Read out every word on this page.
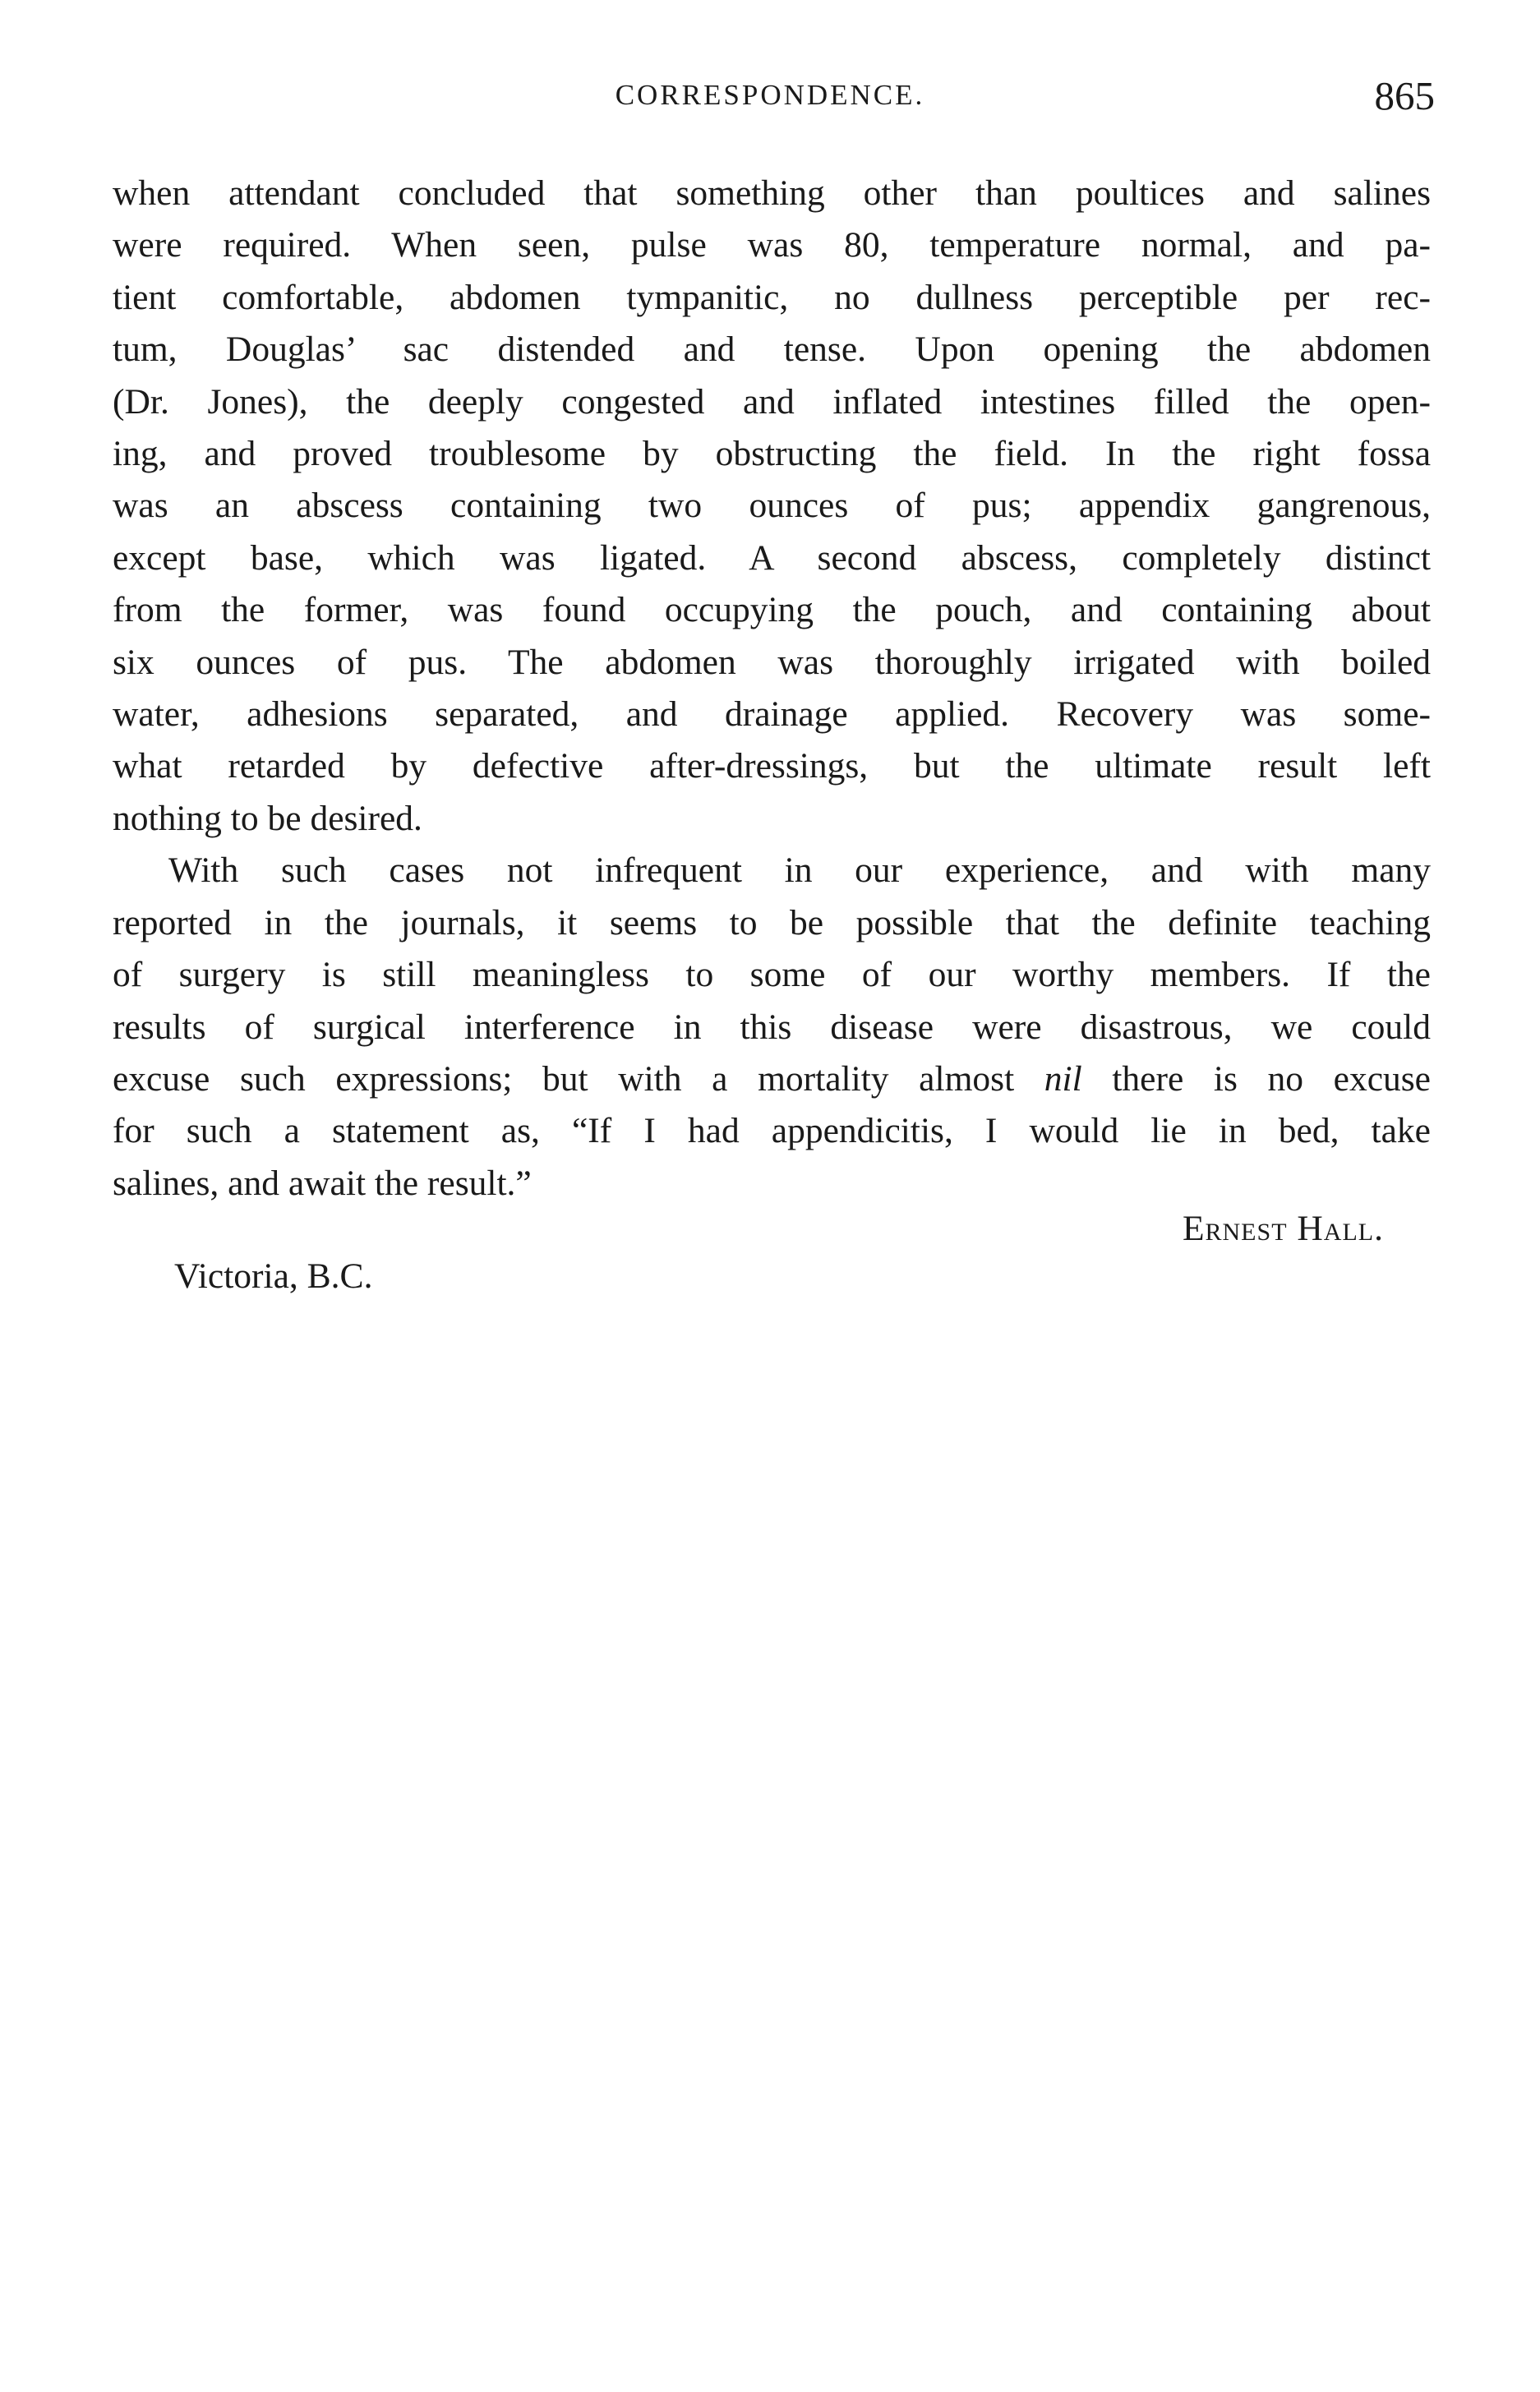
CORRESPONDENCE.	865
when attendant concluded that something other than poultices and salines
were required. When seen, pulse was 80, temperature normal, and pa-
tient comfortable, abdomen tympanitic, no dullness perceptible per rec-
tum, Douglas’ sac distended and tense. Upon opening the abdomen
(Dr. Jones), the deeply congested and inflated intestines filled the open-
ing, and proved troublesome by obstructing the field. In the right fossa
was an abscess containing two ounces of pus; appendix gangrenous,
except base, which was ligated. A second abscess, completely distinct
from the former, was found occupying the pouch, and containing about
six ounces of pus. The abdomen was thoroughly irrigated with boiled
water, adhesions separated, and drainage applied. Recovery was some-
what retarded by defective after-dressings, but the ultimate result left
nothing to be desired.
With such cases not infrequent in our experience, and with many
reported in the journals, it seems to be possible that the definite teaching
of surgery is still meaningless to some of our worthy members. If the
results of surgical interference in this disease were disastrous, we could
excuse such expressions; but with a mortality almost nil there is no excuse
for such a statement as, “If I had appendicitis, I would lie in bed, take
salines, and await the result.”
Ernest Hall.
Victoria, B.C.
